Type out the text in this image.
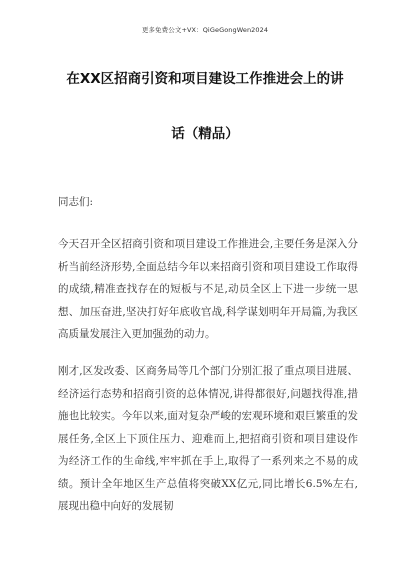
更多免费公文+VX：QiGeGongWen2024
在XX区招商引资和项目建设工作推进会上的讲
话（精品）
同志们:

今天召开全区招商引资和项目建设工作推进会,主要任务是深入分析当前经济形势,全面总结今年以来招商引资和项目建设工作取得的成绩,精准查找存在的短板与不足,动员全区上下进一步统一思想、加压奋进,坚决打好年底收官战,科学谋划明年开局篇,为我区高质量发展注入更加强劲的动力。

刚才,区发改委、区商务局等几个部门分别汇报了重点项目进展、经济运行态势和招商引资的总体情况,讲得都很好,问题找得准,措施也比较实。今年以来,面对复杂严峻的宏观环境和艰巨繁重的发展任务,全区上下顶住压力、迎难而上,把招商引资和项目建设作为经济工作的生命线,牢牢抓在手上,取得了一系列来之不易的成绩。预计全年地区生产总值将突破XX亿元,同比增长6.5%左右,展现出稳中向好的发展韧
